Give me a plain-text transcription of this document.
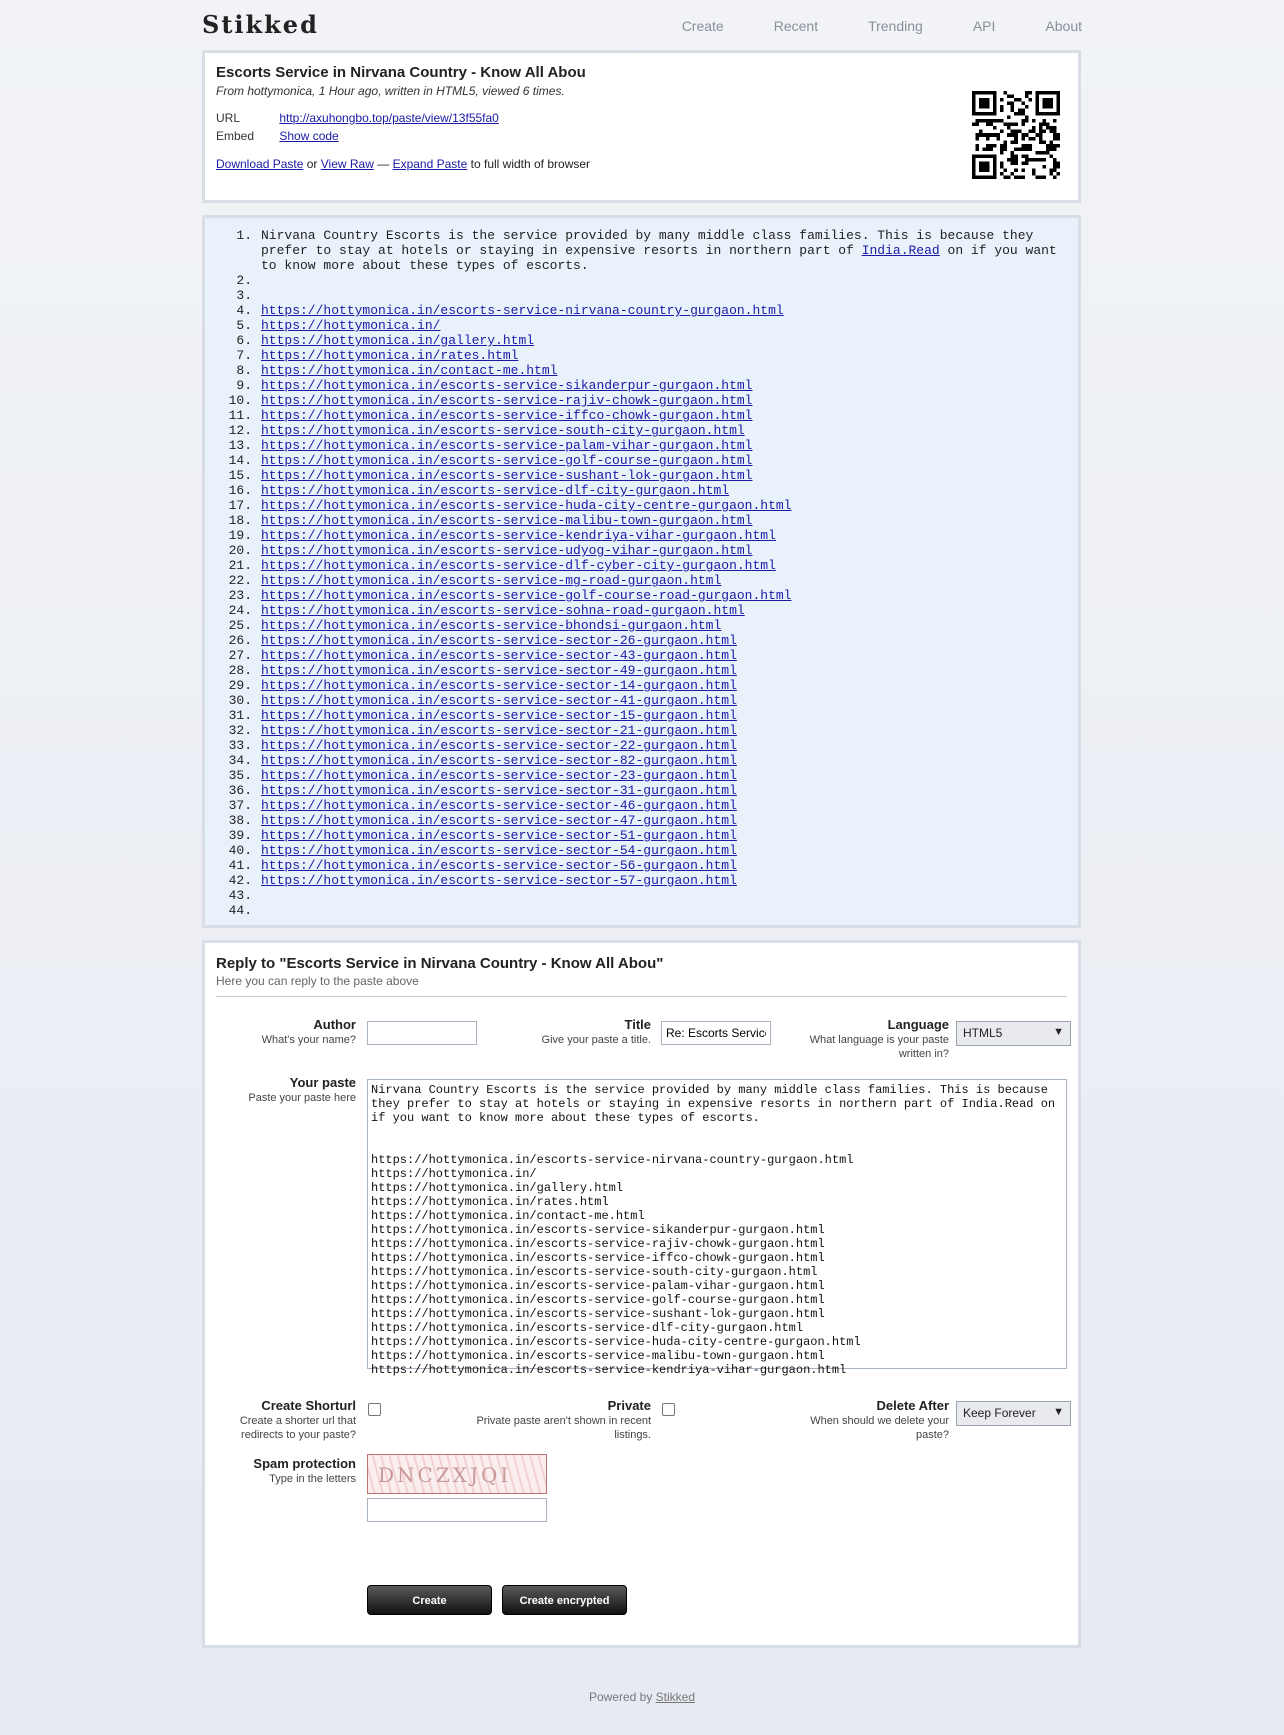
Stikked	Create	Recent	Trending	API	About
Escorts Service in Nirvana Country - Know All Abou
From hottymonica, 1 Hour ago, written in HTML5, viewed 6 times.
URL	http://axuhongbo.top/paste/view/13f55fa0
Embed Show code
Download Paste or View Raw — Expand Paste to full width of browser
1. Nirvana Country Escorts is the service provided by many middle class families. This is because they prefer to stay at hotels or staying in expensive resorts in northern part of India.Read on if you want to know more about these types of escorts.
2.

3.

4. https://hottymonica.in/escorts-service-nirvana-country-gurgaon.html
5. https://hottymonica.in/
6. https://hottymonica.in/gallery.html
7. https://hottymonica.in/rates.html
8. https://hottymonica.in/contact-me.html
9. https://hottymonica.in/escorts-service-sikanderpur-gurgaon.html
10. https://hottymonica.in/escorts-service-rajiv-chowk-gurgaon.html
11. https://hottymonica.in/escorts-service-iffco-chowk-gurgaon.html
12. https://hottymonica.in/escorts-service-south-city-gurgaon.html
13. https://hottymonica.in/escorts-service-palam-vihar-gurgaon.html
14. https://hottymonica.in/escorts-service-golf-course-gurgaon.html
15. https://hottymonica.in/escorts-service-sushant-lok-gurgaon.html
16. https://hottymonica.in/escorts-service-dlf-city-gurgaon.html
17. https://hottymonica.in/escorts-service-huda-city-centre-gurgaon.html
18. https://hottymonica.in/escorts-service-malibu-town-gurgaon.html
19. https://hottymonica.in/escorts-service-kendriya-vihar-gurgaon.html
20. https://hottymonica.in/escorts-service-udyog-vihar-gurgaon.html
21. https://hottymonica.in/escorts-service-dlf-cyber-city-gurgaon.html
22. https://hottymonica.in/escorts-service-mg-road-gurgaon.html
23. https://hottymonica.in/escorts-service-golf-course-road-gurgaon.html
24. https://hottymonica.in/escorts-service-sohna-road-gurgaon.html
25. https://hottymonica.in/escorts-service-bhondsi-gurgaon.html
26. https://hottymonica.in/escorts-service-sector-26-gurgaon.html
27. https://hottymonica.in/escorts-service-sector-43-gurgaon.html
28. https://hottymonica.in/escorts-service-sector-49-gurgaon.html
29. https://hottymonica.in/escorts-service-sector-14-gurgaon.html
30. https://hottymonica.in/escorts-service-sector-41-gurgaon.html
31. https://hottymonica.in/escorts-service-sector-15-gurgaon.html
32. https://hottymonica.in/escorts-service-sector-21-gurgaon.html
33. https://hottymonica.in/escorts-service-sector-22-gurgaon.html
34. https://hottymonica.in/escorts-service-sector-82-gurgaon.html
35. https://hottymonica.in/escorts-service-sector-23-gurgaon.html
36. https://hottymonica.in/escorts-service-sector-31-gurgaon.html
37. https://hottymonica.in/escorts-service-sector-46-gurgaon.html
38. https://hottymonica.in/escorts-service-sector-47-gurgaon.html
39. https://hottymonica.in/escorts-service-sector-51-gurgaon.html
40. https://hottymonica.in/escorts-service-sector-54-gurgaon.html
41. https://hottymonica.in/escorts-service-sector-56-gurgaon.html
42. https://hottymonica.in/escorts-service-sector-57-gurgaon.html
43.

44.

Reply to "Escorts Service in Nirvana Country - Know All Abou"
Here you can reply to the paste above
Author
What's your name?
Title
Give your paste a title.
Re: Escorts Service
Language
What language is your paste written in?
HTML5	▼
Your paste
Paste your paste here
Nirvana Country Escorts is the service provided by many middle class families. This is because they prefer to stay at hotels or staying in expensive resorts in northern part of India.Read on if you want to know more about these types of escorts.

https://hottymonica.in/escorts-service-nirvana-country-gurgaon.html
https://hottymonica.in/
https://hottymonica.in/gallery.html
https://hottymonica.in/rates.html
https://hottymonica.in/contact-me.html
https://hottymonica.in/escorts-service-sikanderpur-gurgaon.html
https://hottymonica.in/escorts-service-rajiv-chowk-gurgaon.html
https://hottymonica.in/escorts-service-iffco-chowk-gurgaon.html
https://hottymonica.in/escorts-service-south-city-gurgaon.html
https://hottymonica.in/escorts-service-palam-vihar-gurgaon.html
https://hottymonica.in/escorts-service-golf-course-gurgaon.html
https://hottymonica.in/escorts-service-sushant-lok-gurgaon.html
https://hottymonica.in/escorts-service-dlf-city-gurgaon.html
https://hottymonica.in/escorts-service-huda-city-centre-gurgaon.html
https://hottymonica.in/escorts-service-malibu-town-gurgaon.html
https://hottymonica.in/escorts-service-kendriya-vihar-gurgaon.html
Create Shorturl
Create a shorter url that redirects to your paste?
Private
Private paste aren't shown in recent listings.
Delete After
When should we delete your paste?
Keep Forever ▼
Spam protection
Type in the letters DNCZXJQI
Create	Create encrypted
Powered by Stikked
